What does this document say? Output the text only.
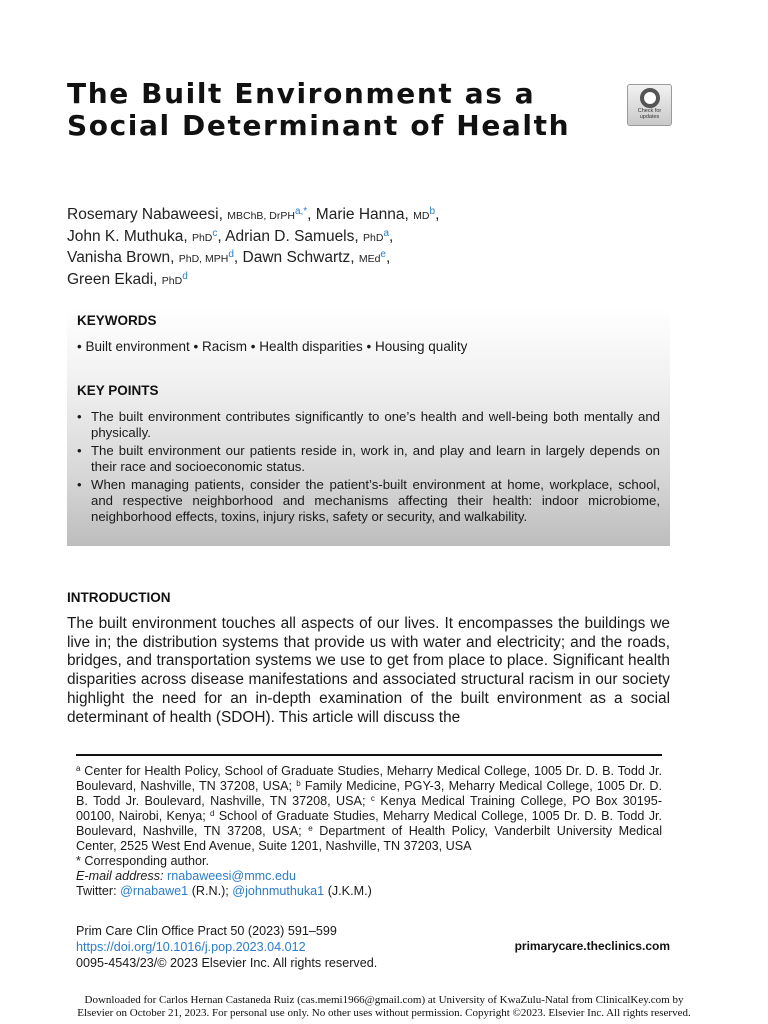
The Built Environment as a Social Determinant of Health	Check for
updates
Rosemary Nabaweesi, MBChB, DrPH$^{a,*}$, Marie Hanna, $MD^b$,
John K. Muthuka, PhD$^c$, Adrian D. Samuels, PhD$^a$,
Vanisha Brown, PhD, MPH$^d$, Dawn Schwartz, MEd$^e$,
Green Ekadi, PhD$^d$

KEYWORDS

• Built environment • Racism • Health disparities • Housing quality

KEY POINTS

• The built environment contributes significantly to one’s health and well-being both mentally and physically.
• The built environment our patients reside in, work in, and play and learn in largely depends on their race and socioeconomic status.
• When managing patients, consider the patient’s-built environment at home, workplace, school, and respective neighborhood and mechanisms affecting their health: indoor microbiome, neighborhood effects, toxins, injury risks, safety or security, and walkability.
INTRODUCTION

The built environment touches all aspects of our lives. It encompasses the buildings we live in; the distribution systems that provide us with water and electricity; and the roads, bridges, and transportation systems we use to get from place to place. Significant health disparities across disease manifestations and associated structural racism in our society highlight the need for an in-depth examination of the built environment as a social determinant of health (SDOH). This article will discuss the

$^a$ Center for Health Policy, School of Graduate Studies, Meharry Medical College, 1005 Dr. D. B. Todd Jr. Boulevard, Nashville, TN 37208, USA; $^b$ Family Medicine, PGY-3, Meharry Medical College, 1005 Dr. D. B. Todd Jr. Boulevard, Nashville, TN 37208, USA; $^c$ Kenya Medical Training College, PO Box 30195-00100, Nairobi, Kenya; $^d$ School of Graduate Studies, Meharry Medical College, 1005 Dr. D. B. Todd Jr. Boulevard, Nashville, TN 37208, USA; $^e$ Department of Health Policy, Vanderbilt University Medical Center, 2525 West End Avenue, Suite 1201, Nashville, TN 37203, USA

* Corresponding author.

E-mail address: rnabaweesi@mmc.edu

Twitter: @rnabawe1 (R.N.); @johnmuthuka1 (J.K.M.)

Prim Care Clin Office Pract 50 (2023) 591–599

https://doi.org/10.1016/j.pop.2023.04.012

0095-4543/23/© 2023 Elsevier Inc. All rights reserved.

primarycare.theclinics.com
Downloaded for Carlos Hernan Castaneda Ruiz (cas.memi1966@gmail.com) at University of KwaZulu-Natal from ClinicalKey.com by
Elsevier on October 21, 2023. For personal use only. No other uses without permission. Copyright ©2023. Elsevier Inc. All rights reserved.
